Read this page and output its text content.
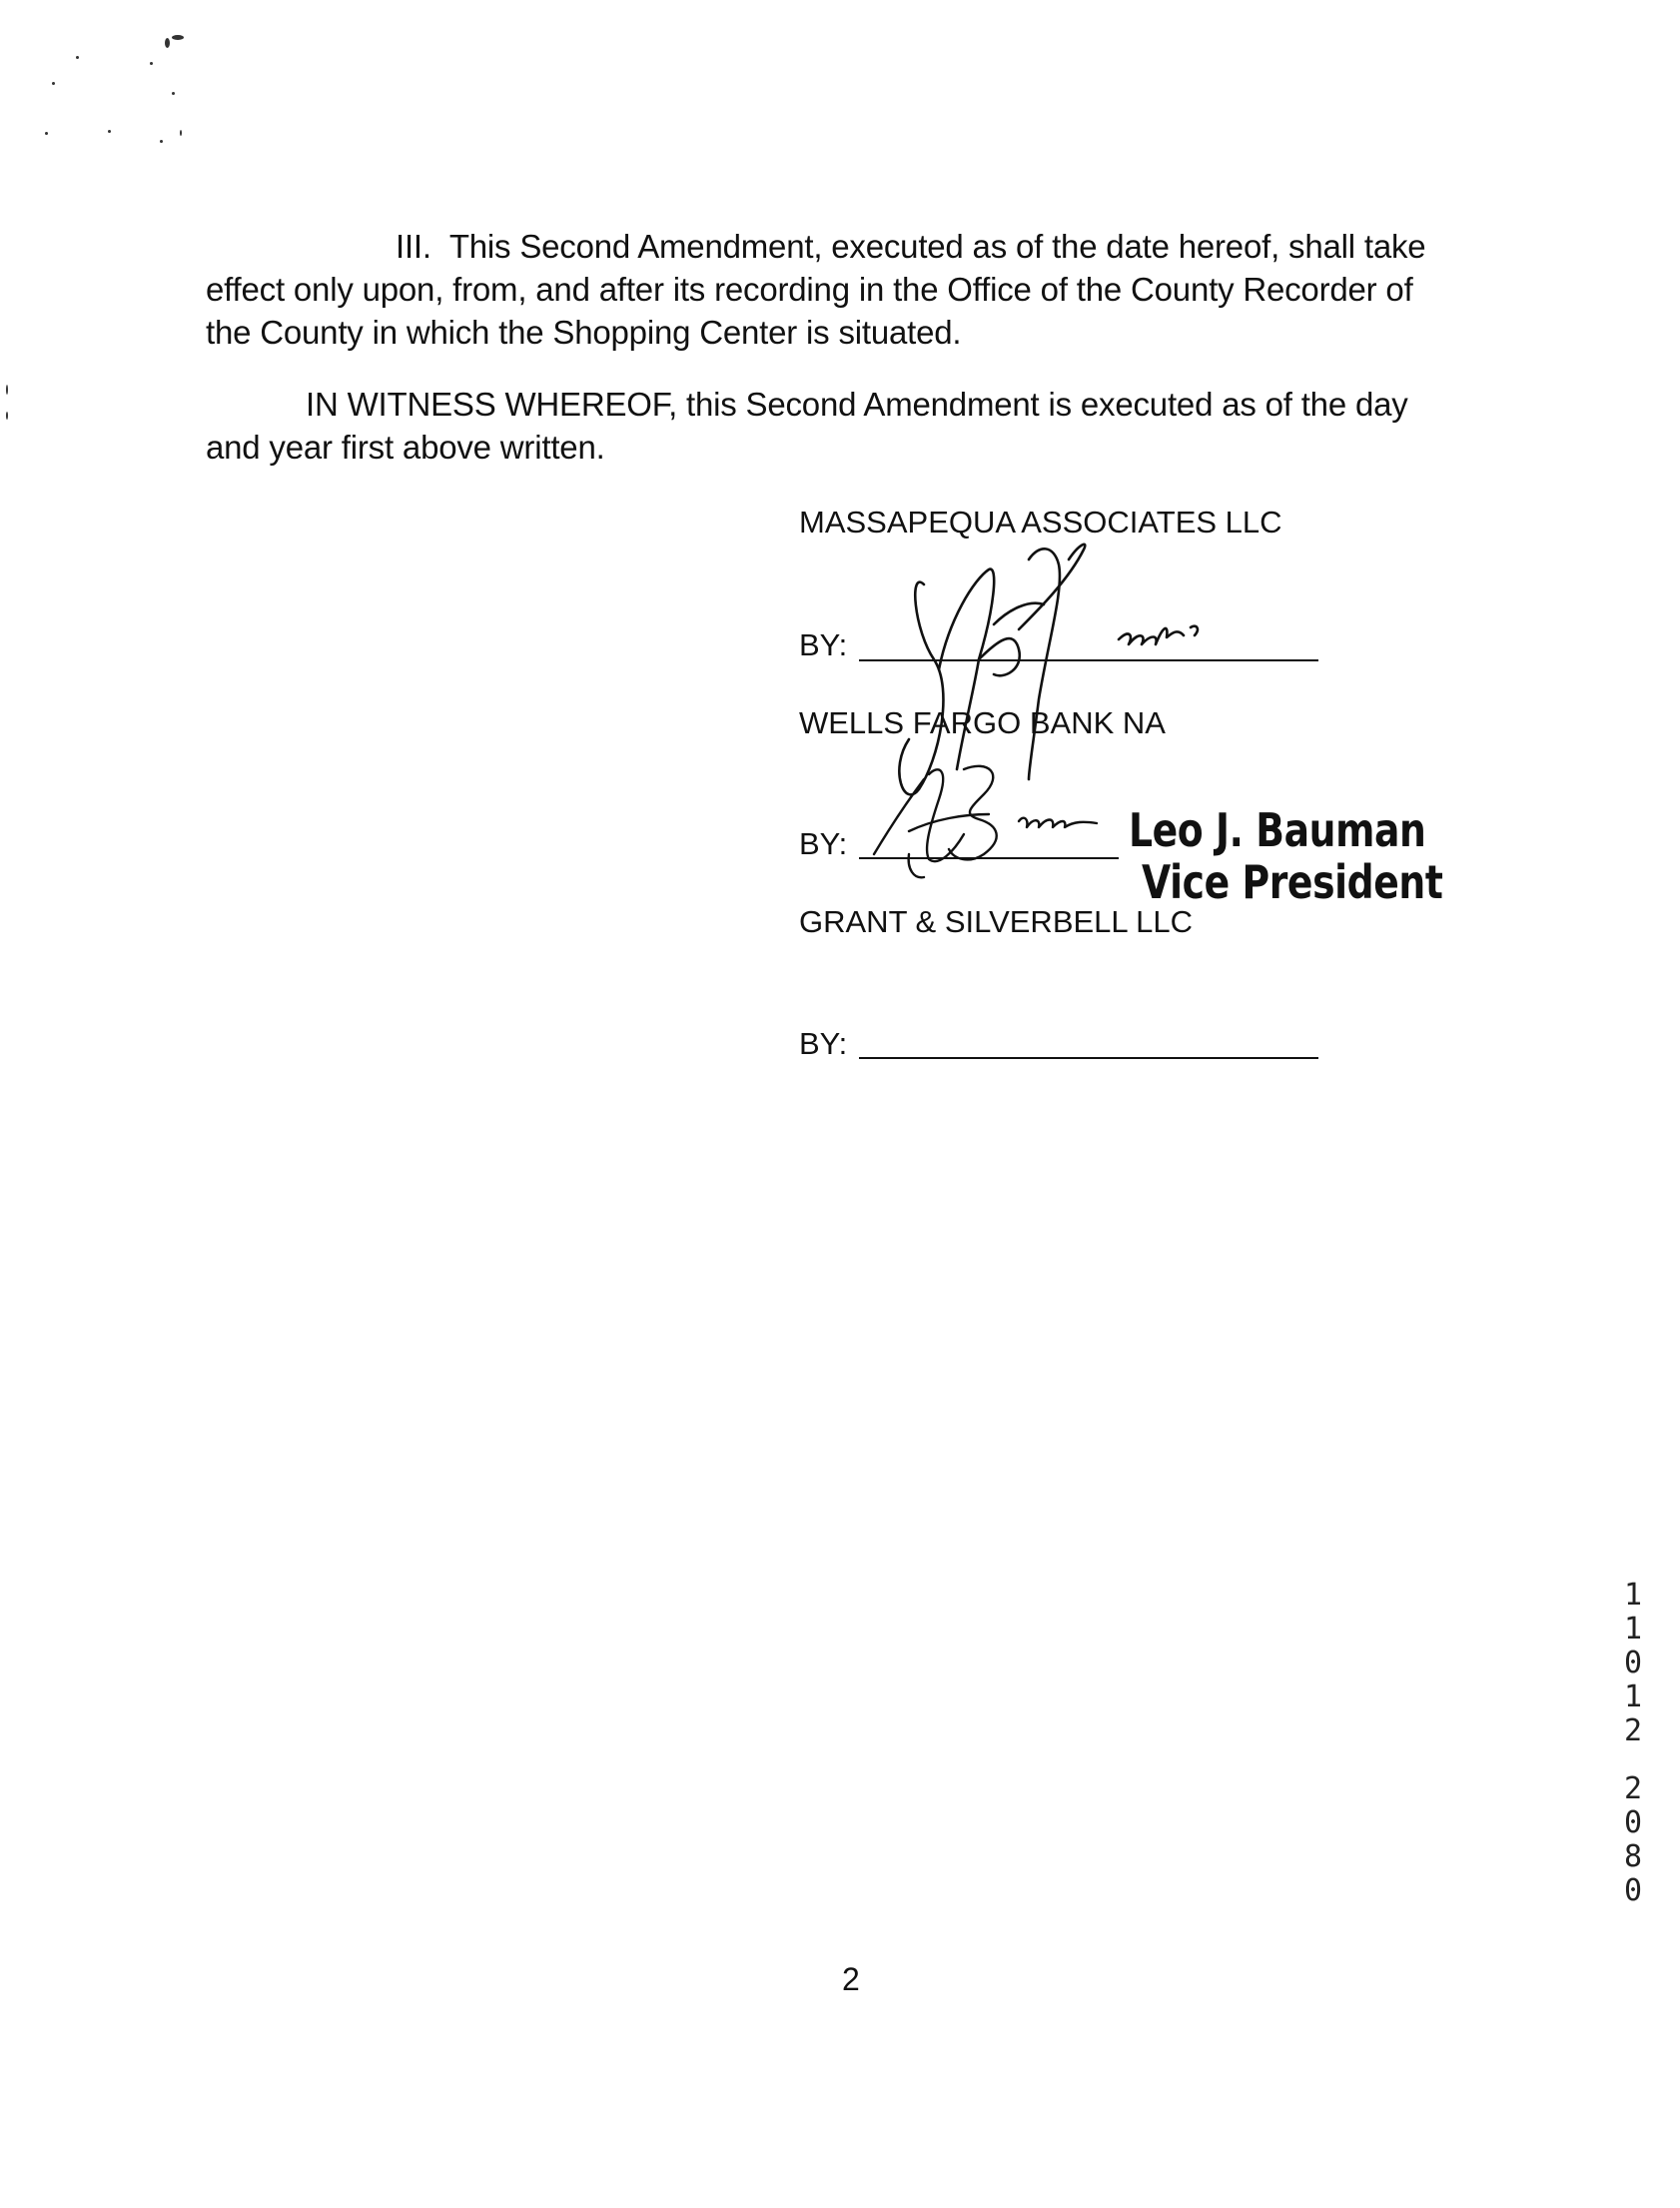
III. This Second Amendment, executed as of the date hereof, shall take
effect only upon, from, and after its recording in the Office of the County Recorder of
the County in which the Shopping Center is situated.
IN WITNESS WHEREOF, this Second Amendment is executed as of the day
and year first above written.
MASSAPEQUA ASSOCIATES LLC
BY:
WELLS FARGO BANK NA
BY:	Leo J. Bauman
Vice President
GRANT & SILVERBELL LLC
BY:
2
1
1
0
1
2
2
0
8
0
